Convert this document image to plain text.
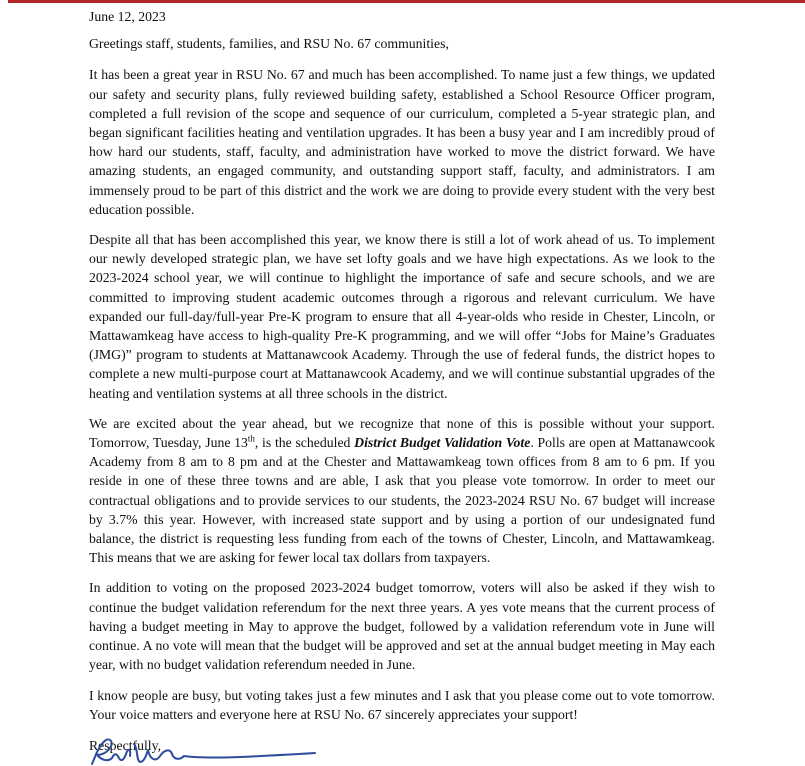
June 12, 2023

Greetings staff, students, families, and RSU No. 67 communities,

It has been a great year in RSU No. 67 and much has been accomplished. To name just a few things, we updated our safety and security plans, fully reviewed building safety, established a School Resource Officer program, completed a full revision of the scope and sequence of our curriculum, completed a 5-year strategic plan, and began significant facilities heating and ventilation upgrades. It has been a busy year and I am incredibly proud of how hard our students, staff, faculty, and administration have worked to move the district forward. We have amazing students, an engaged community, and outstanding support staff, faculty, and administrators. I am immensely proud to be part of this district and the work we are doing to provide every student with the very best education possible.

Despite all that has been accomplished this year, we know there is still a lot of work ahead of us. To implement our newly developed strategic plan, we have set lofty goals and we have high expectations. As we look to the 2023-2024 school year, we will continue to highlight the importance of safe and secure schools, and we are committed to improving student academic outcomes through a rigorous and relevant curriculum. We have expanded our full-day/full-year Pre-K program to ensure that all 4-year-olds who reside in Chester, Lincoln, or Mattawamkeag have access to high-quality Pre-K programming, and we will offer “Jobs for Maine’s Graduates (JMG)” program to students at Mattanawcook Academy. Through the use of federal funds, the district hopes to complete a new multi-purpose court at Mattanawcook Academy, and we will continue substantial upgrades of the heating and ventilation systems at all three schools in the district.

We are excited about the year ahead, but we recognize that none of this is possible without your support. Tomorrow, Tuesday, June 13th, is the scheduled District Budget Validation Vote. Polls are open at Mattanawcook Academy from 8 am to 8 pm and at the Chester and Mattawamkeag town offices from 8 am to 6 pm. If you reside in one of these three towns and are able, I ask that you please vote tomorrow. In order to meet our contractual obligations and to provide services to our students, the 2023-2024 RSU No. 67 budget will increase by 3.7% this year. However, with increased state support and by using a portion of our undesignated fund balance, the district is requesting less funding from each of the towns of Chester, Lincoln, and Mattawamkeag. This means that we are asking for fewer local tax dollars from taxpayers.

In addition to voting on the proposed 2023-2024 budget tomorrow, voters will also be asked if they wish to continue the budget validation referendum for the next three years. A yes vote means that the current process of having a budget meeting in May to approve the budget, followed by a validation referendum vote in June will continue. A no vote will mean that the budget will be approved and set at the annual budget meeting in May each year, with no budget validation referendum needed in June.

I know people are busy, but voting takes just a few minutes and I ask that you please come out to vote tomorrow. Your voice matters and everyone here at RSU No. 67 sincerely appreciates your support!

Respectfully,
